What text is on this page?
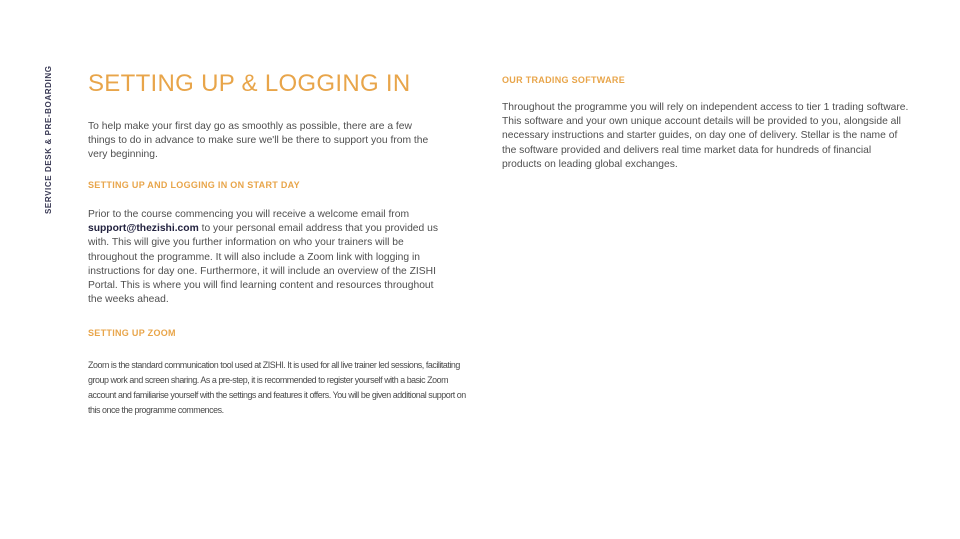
SERVICE DESK & PRE-BOARDING SETTING UP & LOGGING IN

To help make your first day go as smoothly as possible, there are a few things to do in advance to make sure we'll be there to support you from the very beginning.

SETTING UP AND LOGGING IN ON START DAY

Prior to the course commencing you will receive a welcome email from support@thezishi.com to your personal email address that you provided us with. This will give you further information on who your trainers will be throughout the programme. It will also include a Zoom link with logging in instructions for day one. Furthermore, it will include an overview of the ZISHI Portal. This is where you will find learning content and resources throughout the weeks ahead.

SETTING UP ZOOM

Zoom is the standard communication tool used at ZISHI. It is used for all live trainer led sessions, facilitating group work and screen sharing. As a pre-step, it is recommended to register yourself with a basic Zoom account and familiarise yourself with the settings and features it offers. You will be given additional support on this once the programme commences.

OUR TRADING SOFTWARE

Throughout the programme you will rely on independent access to tier 1 trading software. This software and your own unique account details will be provided to you, alongside all necessary instructions and starter guides, on day one of delivery. Stellar is the name of the software provided and delivers real time market data for hundreds of financial products on leading global exchanges.
